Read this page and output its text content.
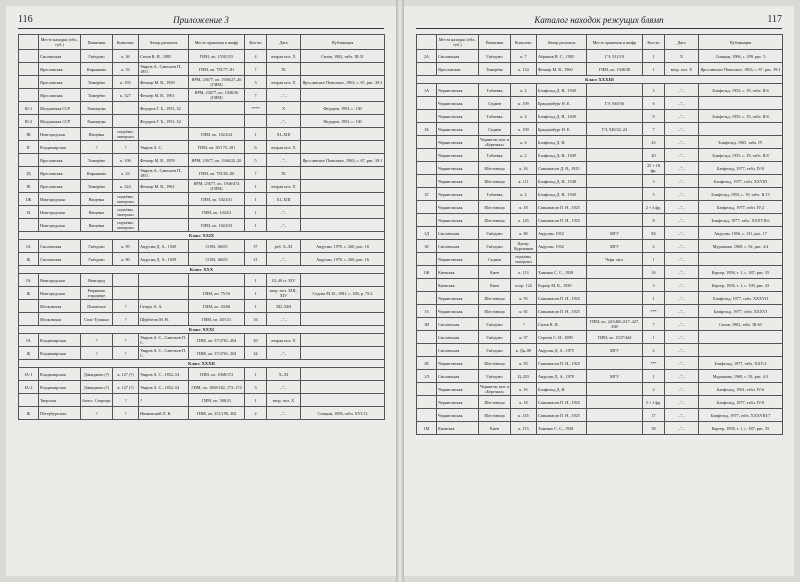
116	Приложение 3
	Место находки (обл., губ.)	Памятник	Комплекс	Автор раскопок	Место хранения и шифр	Кол-во	Дата	Публикация
	Смоленская	Гнёздово	к. 36	Сизов В. И., 1885	ГИМ, оп. 1550/155	4	вторая пол. X	Сизов, 1902, табл. III:31
	Ярославская	Кирьяново	к. 33	Уваров А., Савельев П., 1851	ГИМ, оп. 781/77–81	7	XI	
	Ярославская	Тимерёво	к. 193	Фехнер М. В., 1959	ЯРМ, 23677, оп. 1946/27–26 (ГИМ)	3	вторая пол. X	Ярославское Поволжье, 1963, с. 67, рис. 39:1
	Ярославская	Тимерёво	к. 327	Фехнер М. В., 1961	ЯРМ, 23677, оп. 1946/36 (ГИМ)	7	–"–	
IБ-1	Молдавская ССР	Екимауцы		Федоров Г. Б., 1951–52		****	X	Федоров, 1953, с. 130
IБ-2	Молдавская ССР	Екимауцы		Федоров Г. Б., 1951–52			–"–	Федоров, 1953, с. 130
IВ	Новгородская	Вещевка	подъёмн. материал		ГИМ, оп. 1024/24	1	XI–XIII	
IГ	Владимирская	?	?	Уваров А. С.	ГИМ, оп. 50/175–181	6	вторая пол. X	
	Ярославская	Тимерёво	к. 190	Фехнер М. В., 1959	ЯРМ, 23677, оп. 1946/22–26	5	–"–	Ярославское Поволжье, 1963, с. 67, рис. 39:1
IД	Ярославская	Кирьяново	к. 23	Уваров А., Савельев П., 1851	ГИМ, оп. 781/82–86	7	XI	
IЕ	Ярославская	Тимерёво	к. 324	Фехнер М. В., 1961	ЯРМ, 23677, оп. 1946/474 (ГИМ)	1	вторая пол. X	
IЖ	Новгородская	Вещевка	подъёмн. материал		ГИМ, оп. 1024/31	1	XI–XIII	
IЗ	Новгородская	Вещевка	подъёмн. материал		ГИМ, оп. 1024/3	1	–"–	
	Новгородская	Вещевка	подъёмн. материал		ГИМ, оп. 1024/33	1	–"–	
Класс XXIX								
IА	Смоленская	Гнёздово	к. 95	Авдусин Д. А., 1949	СОМ, 16655	37	реб. X–XI	Авдусин, 1970, с. 260, рис. 16
IБ	Смоленская	Гнёздово	к. 90	Авдусин Д. А., 1949	СОМ, 16655	21	–"–	Авдусин, 1970, с. 260, рис. 16
Класс XXX								
IА	Новгородская	Новгород				1	10–40 гг. XIV	
IБ	Новгородская	Рюриково городище			ГИМ, оп. 75/16	1	втор. пол. XIII–XIV	Седова М. В., 1981, с. 186, р. 75:2
	Московская	Псковское	?	Гатцук А. А.	ГИМ, оп. 43/60	1	XII–XIII	
	Московская	Спас-Тушино	?	Щербатов М. Н.	ГИМ, оп. 40/131	16	–"–	
Класс XXXI								
IА	Владимирская	?	?	Уваров А. С., Савельев П. С.	ГИМ, оп. 57/4761–204	20	вторая пол. X	
IБ	Владимирская	?	?	Уваров А. С., Савельев П. С.	ГИМ, оп. 57/4761–204	24	–"–	
Класс XXXII								
IА-1	Владимирская	Давыдково (?)	к. 127 (?)	Уваров А. С., 1852–54	ГИМ, оп. 1068/172	1	X–XI	
IА-2	Владимирская	Давыдково (?)	к. 127 (?)	Уваров А. С., 1852–54	ГИМ, оп. 1068/182, 173–174	3	–"–	
	Тверская	близ г. Старицы	?	?	ГИМ, оп. 586/21	1	втор. пол. X	
IБ	Петербургская	?	?	Ивановский Л. К.	ГИМ, оп. 251/199, 202	2	–"–	Спицын, 1896, табл. XVI:12
Каталог находок режущих блямп	117
	Место находки (обл., губ.)	Памятник	Комплекс	Автор раскопок	Место хранения и шифр	Кол-во	Дата	Публикация
2А	Смоленская	Гнёздово	к. 7	Абрамов И. С., 1905	ГЭ, 912/10	1	X	Спицын, 1906, с. 299, рис. 5
	Ярославская	Тимерёво	к. 134	Фехнер М. В., 1960	ГИМ, оп. 1946/38	1	втор. пол. X	Ярославское Поволжье, 1963, с. 67, рис. 39:1
Класс XXXIII								
1А	Черниговская	Табаевка	к. 2	Блифельд Д. И., 1949		3	–"–	Блифельд, 1953, с. 19, табл. II:6
	Черниговская	Седнев	к. 109	Бранденбург Н. Е.	ГЭ, 940/36	6	–"–	
	Черниговская	Табаевка	к. 4	Блифельд Д. И., 1949		9	–"–	Блифельд, 1955, с. 19, табл. II:8
1Б	Черниговская	Седнев	к. 109	Бранденбург Н. Е.	ГЭ, 940/22–24	7	–"–	
	Черниговская	Чернигов, мог. в «Березках»	к. 6	Блифельд Д. И.		43	–"–	Блифельд, 1965, табл. IV
	Черниговская	Табаевка	к. 2	Блифельд Д. И., 1949		20	–"–	Блифельд, 1955, с. 19, табл. II:8
	Черниговская	Шестовица	к. 16	Самоквасов Д. Я., 1925		25 + 18 фр.	–"–	Блифельд, 1977, табл. IV:8
	Черниговская	Шестовица	к. 111	Блифельд Д. И., 1948		3	–"–	Блифельд, 1977, табл. XXVIII
1Г	Черниговская	Табаевка	к. 2	Блифельд Д. И., 1949		5	–"–	Блифельд, 1955, с. 19, табл. II:13
	Черниговская	Шестовица	к. 18	Самоквасов П. Н., 1925		2 + 4 фр.	–"–	Блифельд, 1977, табл. IV:2
	Черниговская	Шестовица	к. 145	Самоквасов П. Н., 1925		8	–"–	Блифельд, 1977, табл. XXXVII:6
1Д	Смоленская	Гнёздово	к. 80	Авдусин, 1952	МГУ	84	–"–	Авдусин, 1956, с. 131, рис. 17
1Е	Смоленская	Гнёздово	Центр. Курганная	Авдусин, 1952	МГУ	2	–"–	Мурзакова, 1969, с. 92, рис. 4:4
	Черниговская	Седнев	подъёмн. материал		Черн. муз.	1	–"–	
1Ж	Киевская	Киев	к. 113	Ханенко С. С., 1928		16	–"–	Каргер, 1958, т. 1, с. 187, рис. 35
	Киевская	Киев	погр. 124	Каргер М. К., 1939		3	–"–	Каргер, 1958, т. 1, с. 190, рис. 43
	Черниговская	Шестовица	к. 93	Самоквасов П. Н., 1925		1	–"–	Блифельд, 1977, табл. XXXVII
1З	Черниговская	Шестовица	к. 92	Самоквасов П. Н., 1925		***	–"–	Блифельд, 1977, табл. XXXVI
1И	Смоленская	Гнёздово	?	Сизов В. И.	ГИМ, оп. 24/1406–817–427, 438	7	–"–	Сизов, 1902, табл. III:63
	Смоленская	Гнёздово	к. 37	Сергеев С. И., 1899	ГИМ, оп. 1537/444	1	–"–	
	Смоленская	Гнёздово	к. Дн–80	Авдусин Д. А., 1975	МГУ	2	–"–	
1К	Черниговская	Шестовица	к. 93	Самоквасов П. Н., 1925		***	–"–	Блифельд, 1977, табл. XXV:2
1Л	Смоленская	Гнёздово	Ц–255	Авдусин Д. А., 1978	МГУ	1	–"–	Мурзакова, 1969, с. 92, рис. 4:3
	Черниговская	Чернигов, мог. в «Березках»	к. 16	Блифельд Д. И.		2	–"–	Блифельд, 1961, табл. IV:6
	Черниговская	Шестовица	к. 18	Самоквасов П. Н., 1925		5 + 1 фр.	–"–	Блифельд, 1977, табл. IV:8
	Черниговская	Шестовица	к. 145	Самоквасов П. Н., 1925		17	–"–	Блифельд, 1977, табл. XXXVIII:7
1М	Киевская	Киев	к. 113	Ханенко С. С., 1928		38	–"–	Каргер, 1958, т. 1, с. 187, рис. 35
